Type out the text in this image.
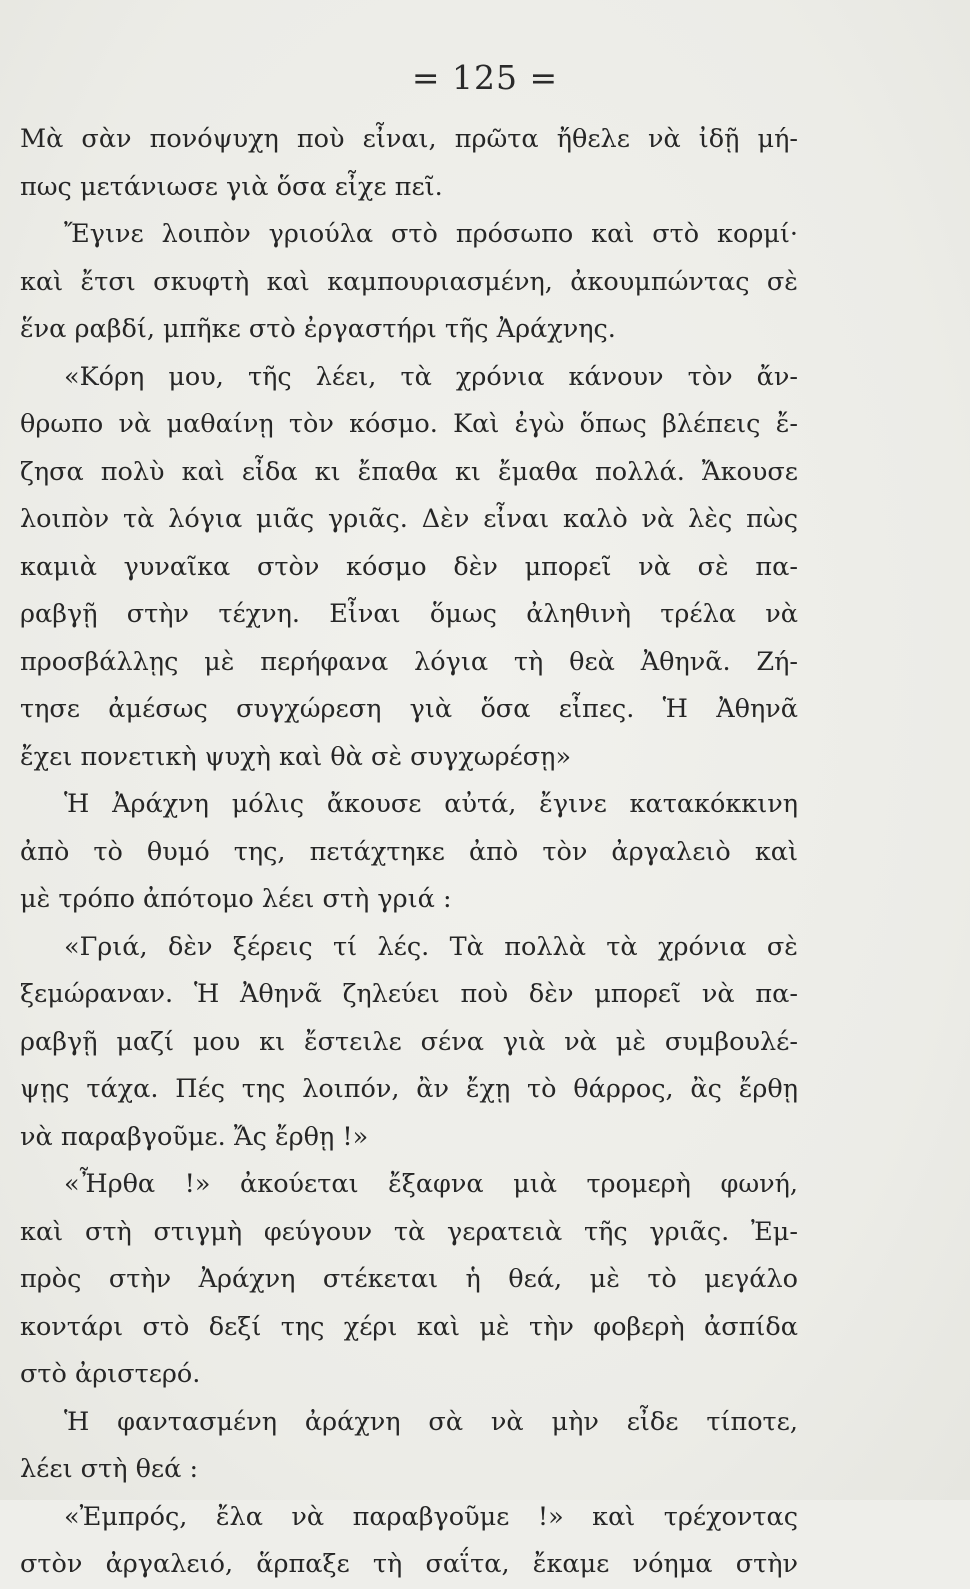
= 125 =
Μὰ σὰν πονόψυχη ποὺ εἶναι, πρῶτα ἤθελε νὰ ἰδῇ μή-
πως μετάνιωσε γιὰ ὅσα εἶχε πεῖ.
Ἔγινε λοιπὸν γριούλα στὸ πρόσωπο καὶ στὸ κορμί·
καὶ ἔτσι σκυφτὴ καὶ καμπουριασμένη, ἀκουμπώντας σὲ
ἕνα ραβδί, μπῆκε στὸ ἐργαστήρι τῆς Ἀράχνης.
«Κόρη μου, τῆς λέει, τὰ χρόνια κάνουν τὸν ἄν-
θρωπο νὰ μαθαίνῃ τὸν κόσμο. Καὶ ἐγὼ ὅπως βλέπεις ἔ-
ζησα πολὺ καὶ εἶδα κι ἔπαθα κι ἔμαθα πολλά. Ἄκουσε
λοιπὸν τὰ λόγια μιᾶς γριᾶς. Δὲν εἶναι καλὸ νὰ λὲς πὼς
καμιὰ γυναῖκα στὸν κόσμο δὲν μπορεῖ νὰ σὲ πα-
ραβγῇ στὴν τέχνη. Εἶναι ὅμως ἀληθινὴ τρέλα νὰ
προσβάλλῃς μὲ περήφανα λόγια τὴ θεὰ Ἀθηνᾶ. Ζή-
τησε ἀμέσως συγχώρεση γιὰ ὅσα εἶπες. Ἡ Ἀθηνᾶ
ἔχει πονετικὴ ψυχὴ καὶ θὰ σὲ συγχωρέσῃ»
Ἡ Ἀράχνη μόλις ἄκουσε αὐτά, ἔγινε κατακόκκινη
ἀπὸ τὸ θυμό της, πετάχτηκε ἀπὸ τὸν ἀργαλειὸ καὶ
μὲ τρόπο ἀπότομο λέει στὴ γριά :
«Γριά, δὲν ξέρεις τί λές. Τὰ πολλὰ τὰ χρόνια σὲ
ξεμώραναν. Ἡ Ἀθηνᾶ ζηλεύει ποὺ δὲν μπορεῖ νὰ πα-
ραβγῇ μαζί μου κι ἔστειλε σένα γιὰ νὰ μὲ συμβουλέ-
ψῃς τάχα. Πές της λοιπόν, ἂν ἔχῃ τὸ θάρρος, ἂς ἔρθῃ
νὰ παραβγοῦμε. Ἄς ἔρθῃ !»
«Ἦρθα !» ἀκούεται ἔξαφνα μιὰ τρομερὴ φωνή,
καὶ στὴ στιγμὴ φεύγουν τὰ γερατειὰ τῆς γριᾶς. Ἐμ-
πρὸς στὴν Ἀράχνη στέκεται ἡ θεά, μὲ τὸ μεγάλο
κοντάρι στὸ δεξί της χέρι καὶ μὲ τὴν φοβερὴ ἀσπίδα
στὸ ἀριστερό.
Ἡ φαντασμένη ἀράχνη σὰ νὰ μὴν εἶδε τίποτε,
λέει στὴ θεά :
«Ἐμπρός, ἔλα νὰ παραβγοῦμε !» καὶ τρέχοντας
στὸν ἀργαλειό, ἅρπαξε τὴ σαΐτα, ἔκαμε νόημα στὴν
